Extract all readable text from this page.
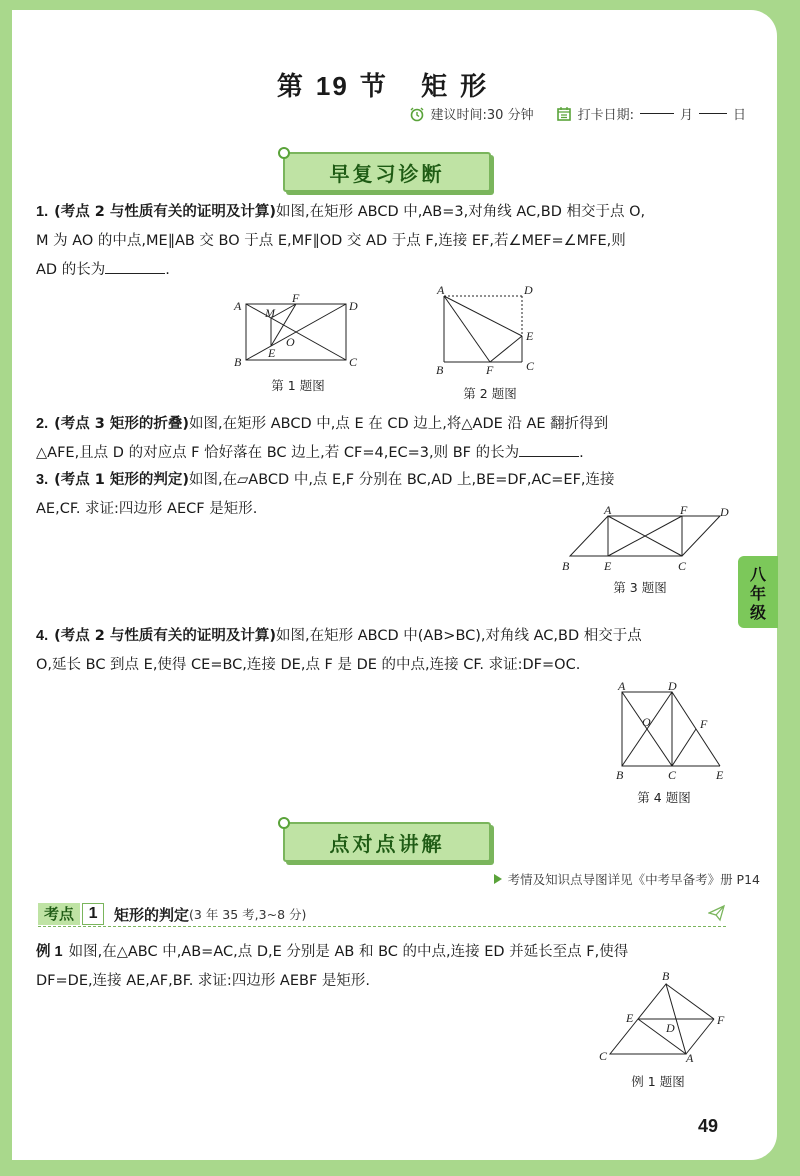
八年级
第 19 节 矩 形
建议时间:30 分钟	打卡日期:	月	日
早复习诊断
1. (考点 2 与性质有关的证明及计算)如图,在矩形 ABCD 中,AB=3,对角线 AC,BD 相交于点 O,
M 为 AO 的中点,ME∥AB 交 BO 于点 E,MF∥OD 交 AD 于点 F,连接 EF,若∠MEF=∠MFE,则
AD 的长为	.
A
F
D
M
O
E
B	C
第 1 题图
A	D
E
C
B	F
第 2 题图
2. (考点 3 矩形的折叠)如图,在矩形 ABCD 中,点 E 在 CD 边上,将△ADE 沿 AE 翻折得到
△AFE,且点 D 的对应点 F 恰好落在 BC 边上,若 CF=4,EC=3,则 BF 的长为	.
3. (考点 1 矩形的判定)如图,在▱ABCD 中,点 E,F 分别在 BC,AD 上,BE=DF,AC=EF,连接
AE,CF. 求证:四边形 AECF 是矩形.	A	F	D
B	E	C
第 3 题图
4. (考点 2 与性质有关的证明及计算)如图,在矩形 ABCD 中(AB>BC),对角线 AC,BD 相交于点
O,延长 BC 到点 E,使得 CE=BC,连接 DE,点 F 是 DE 的中点,连接 CF. 求证:DF=OC.
A	D
O	F
B	C	E
第 4 题图
点对点讲解
考情及知识点导图详见《中考早备考》册 P14
考点 1	矩形的判定 (3 年 35 考,3~8 分)
例 1 如图,在△ABC 中,AB=AC,点 D,E 分别是 AB 和 BC 的中点,连接 ED 并延长至点 F,使得
DF=DE,连接 AE,AF,BF. 求证:四边形 AEBF 是矩形.	B
E	F
D
C	A
例 1 题图
49
